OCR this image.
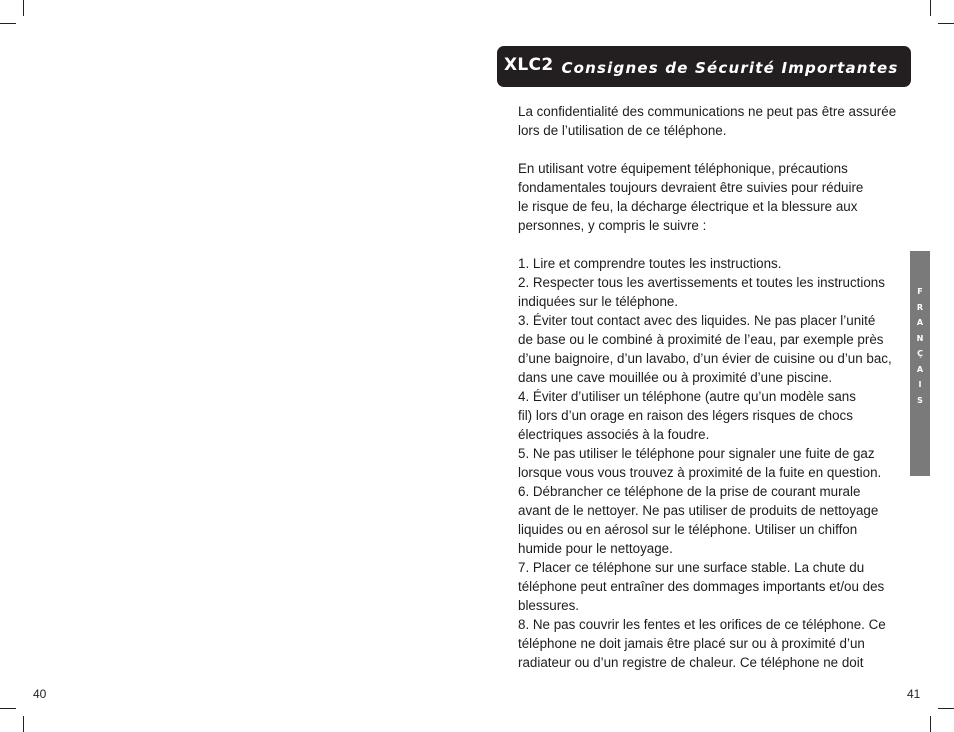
XLC2 Consignes de Sécurité Importantes

La confidentialité des communications ne peut pas être assurée
lors de l’utilisation de ce téléphone.

En utilisant votre équipement téléphonique, précautions
fondamentales toujours devraient être suivies pour réduire
le risque de feu, la décharge électrique et la blessure aux
personnes, y compris le suivre :

1. Lire et comprendre toutes les instructions.

2. Respecter tous les avertissements et toutes les instructions
indiquées sur le téléphone.

3. Éviter tout contact avec des liquides. Ne pas placer l’unité
de base ou le combiné à proximité de l’eau, par exemple près
d’une baignoire, d’un lavabo, d’un évier de cuisine ou d’un bac,
dans une cave mouillée ou à proximité d’une piscine.

4. Éviter d’utiliser un téléphone (autre qu’un modèle sans
fil) lors d’un orage en raison des légers risques de chocs
électriques associés à la foudre.

5. Ne pas utiliser le téléphone pour signaler une fuite de gaz
lorsque vous vous trouvez à proximité de la fuite en question.

6. Débrancher ce téléphone de la prise de courant murale
avant de le nettoyer. Ne pas utiliser de produits de nettoyage
liquides ou en aérosol sur le téléphone. Utiliser un chiffon
humide pour le nettoyage.

7. Placer ce téléphone sur une surface stable. La chute du
téléphone peut entraîner des dommages importants et/ou des
blessures.

8. Ne pas couvrir les fentes et les orifices de ce téléphone. Ce
téléphone ne doit jamais être placé sur ou à proximité d’un
radiateur ou d’un registre de chaleur. Ce téléphone ne doit

F
R
A
N
Ç
A
I
S
40	41
